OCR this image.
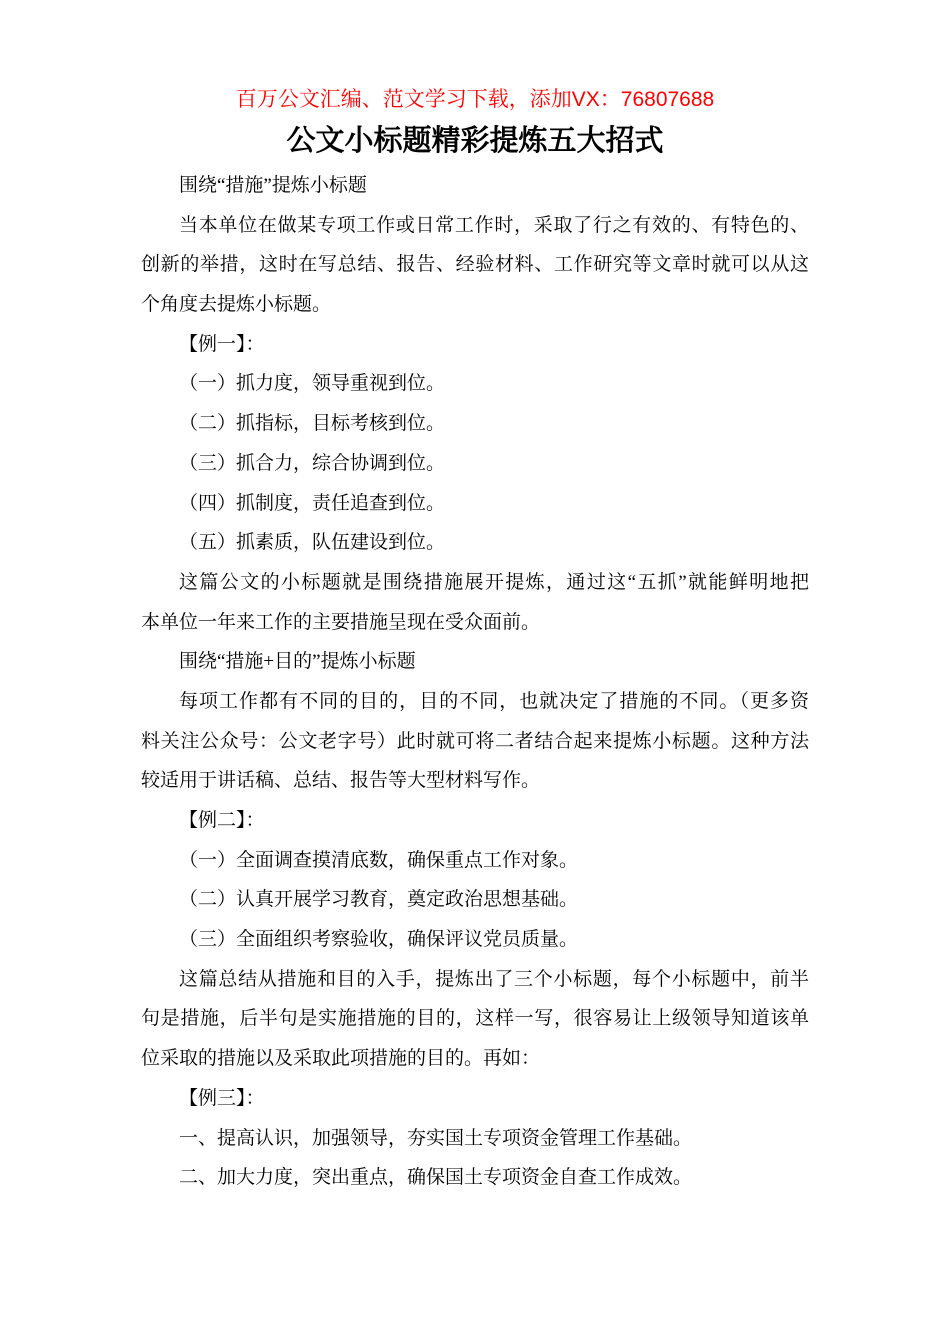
百万公文汇编、范文学习下载，添加VX：76807688
公文小标题精彩提炼五大招式
围绕“措施”提炼小标题
当本单位在做某专项工作或日常工作时，采取了行之有效的、有特色的、
创新的举措，这时在写总结、报告、经验材料、工作研究等文章时就可以从这
个角度去提炼小标题。
【例一】：
（一）抓力度，领导重视到位。
（二）抓指标，目标考核到位。
（三）抓合力，综合协调到位。
（四）抓制度，责任追查到位。
（五）抓素质，队伍建设到位。
这篇公文的小标题就是围绕措施展开提炼，通过这“五抓”就能鲜明地把
本单位一年来工作的主要措施呈现在受众面前。
围绕“措施+目的”提炼小标题
每项工作都有不同的目的，目的不同，也就决定了措施的不同。（更多资
料关注公众号：公文老字号）此时就可将二者结合起来提炼小标题。这种方法
较适用于讲话稿、总结、报告等大型材料写作。
【例二】：
（一）全面调查摸清底数，确保重点工作对象。
（二）认真开展学习教育，奠定政治思想基础。
（三）全面组织考察验收，确保评议党员质量。
这篇总结从措施和目的入手，提炼出了三个小标题，每个小标题中，前半
句是措施，后半句是实施措施的目的，这样一写，很容易让上级领导知道该单
位采取的措施以及采取此项措施的目的。再如：
【例三】：
一、提高认识，加强领导，夯实国土专项资金管理工作基础。
二、加大力度，突出重点，确保国土专项资金自查工作成效。
